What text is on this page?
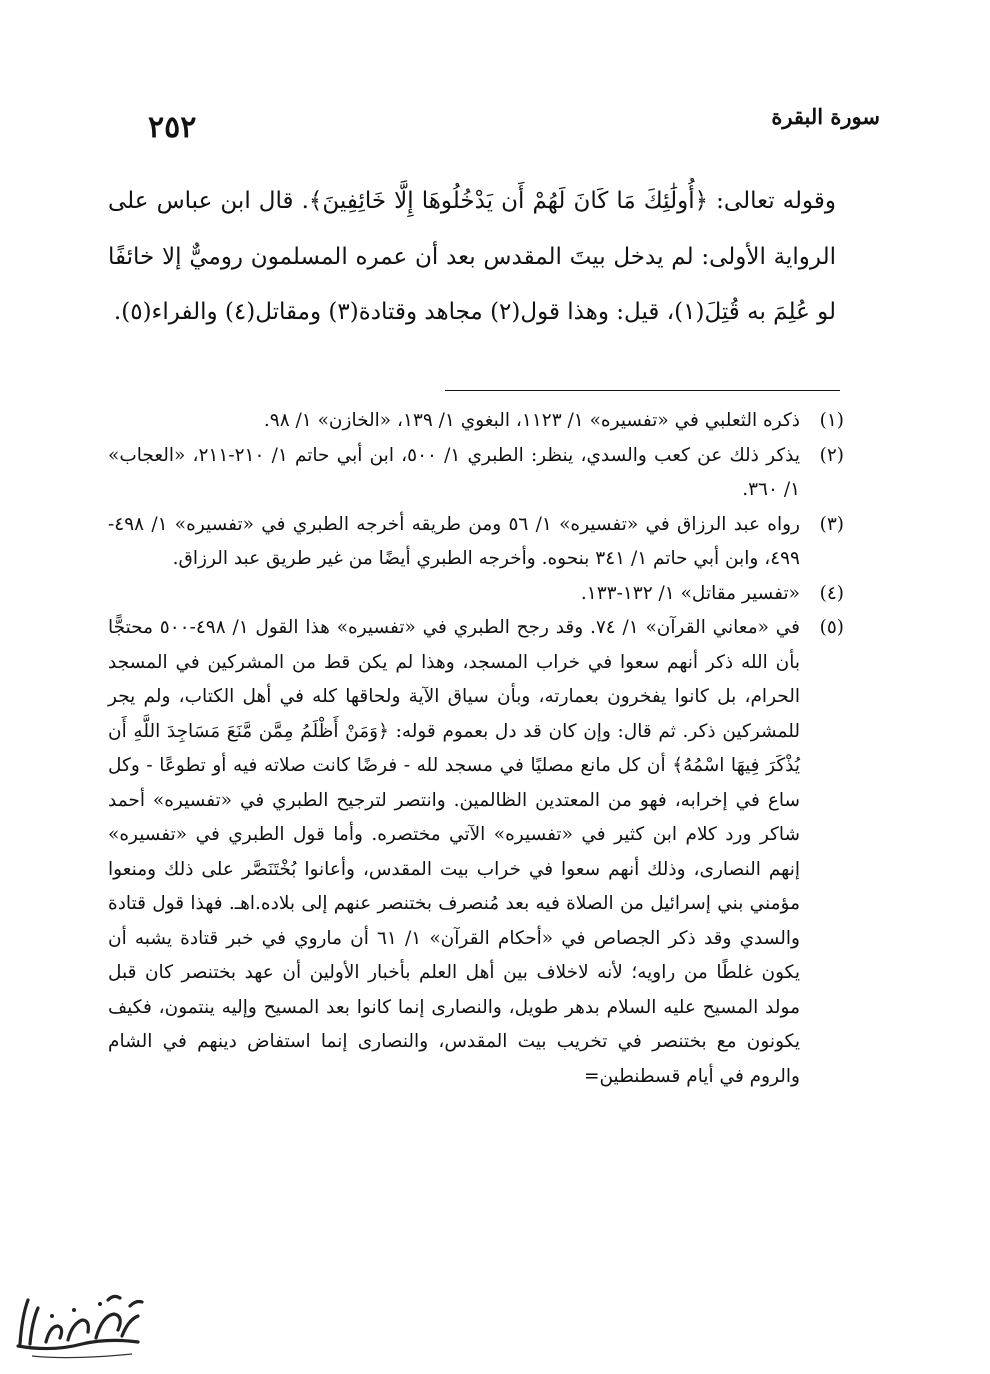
سورة البقرة
٢٥٢

وقوله تعالى: ﴿أُولَٰئِكَ مَا كَانَ لَهُمْ أَن يَدْخُلُوهَا إِلَّا خَائِفِينَ﴾. قال ابن عباس على الرواية الأولى: لم يدخل بيتَ المقدس بعد أن عمره المسلمون روميٌّ إلا خائفًا لو عُلِمَ به قُتِلَ(١)، قيل: وهذا قول(٢) مجاهد وقتادة(٣) ومقاتل(٤) والفراء(٥).

(١)
ذكره الثعلبي في «تفسيره» ١/ ١١٢٣، البغوي ١/ ١٣٩، «الخازن» ١/ ٩٨.
(٢)
يذكر ذلك عن كعب والسدي، ينظر: الطبري ١/ ٥٠٠، ابن أبي حاتم ١/ ٢١٠-٢١١، «العجاب» ١/ ٣٦٠.
(٣)
رواه عبد الرزاق في «تفسيره» ١/ ٥٦ ومن طريقه أخرجه الطبري في «تفسيره» ١/ ٤٩٨- ٤٩٩، وابن أبي حاتم ١/ ٣٤١ بنحوه. وأخرجه الطبري أيضًا من غير طريق عبد الرزاق.
(٤)
«تفسير مقاتل» ١/ ١٣٢-١٣٣.
(٥)
في «معاني القرآن» ١/ ٧٤. وقد رجح الطبري في «تفسيره» هذا القول ١/ ٤٩٨-٥٠٠ محتجًّا بأن الله ذكر أنهم سعوا في خراب المسجد، وهذا لم يكن قط من المشركين في المسجد الحرام، بل كانوا يفخرون بعمارته، وبأن سياق الآية ولحاقها كله في أهل الكتاب، ولم يجر للمشركين ذكر. ثم قال: وإن كان قد دل بعموم قوله: ﴿وَمَنْ أَظْلَمُ مِمَّن مَّنَعَ مَسَاجِدَ اللَّهِ أَن يُذْكَرَ فِيهَا اسْمُهُ﴾ أن كل مانع مصليًا في مسجد لله - فرضًا كانت صلاته فيه أو تطوعًا - وكل ساع في إخرابه، فهو من المعتدين الظالمين. وانتصر لترجيح الطبري في «تفسيره» أحمد شاكر ورد كلام ابن كثير في «تفسيره» الآتي مختصره. وأما قول الطبري في «تفسيره» إنهم النصارى، وذلك أنهم سعوا في خراب بيت المقدس، وأعانوا بُخْتَنَصَّر على ذلك ومنعوا مؤمني بني إسرائيل من الصلاة فيه بعد مُنصرف بختنصر عنهم إلى بلاده.اهـ. فهذا قول قتادة والسدي وقد ذكر الجصاص في «أحكام القرآن» ١/ ٦١ أن ماروي في خبر قتادة يشبه أن يكون غلطًا من راويه؛ لأنه لاخلاف بين أهل العلم بأخبار الأولين أن عهد بختنصر كان قبل مولد المسيح عليه السلام بدهر طويل، والنصارى إنما كانوا بعد المسيح وإليه ينتمون، فكيف يكونون مع بختنصر في تخريب بيت المقدس، والنصارى إنما استفاض دينهم في الشام والروم في أيام قسطنطين=
